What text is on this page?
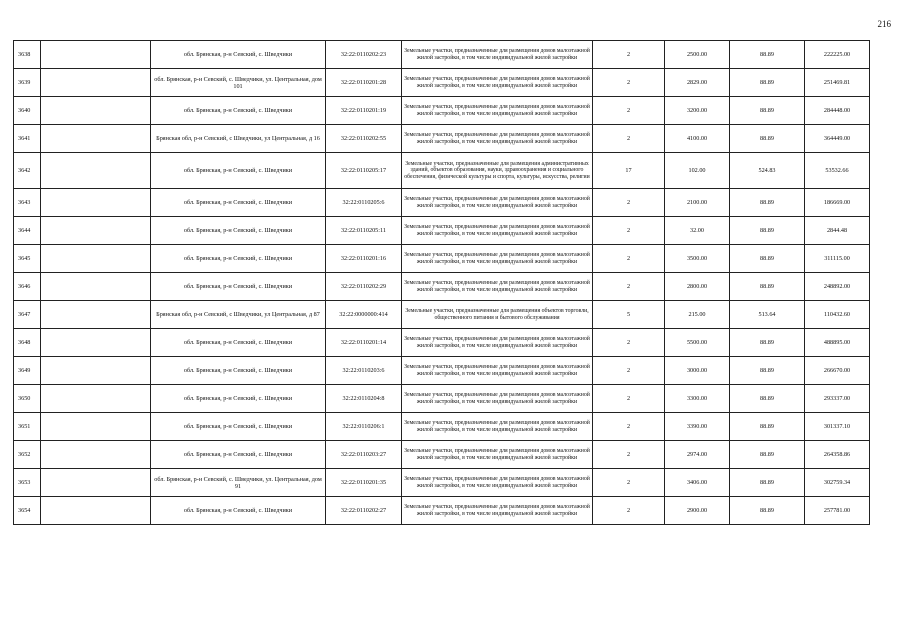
216
3638		обл. Брянская, р-н Севский, с. Шведчики	32:22:0110202:23	Земельные участки, предназначенные для размещения домов малоэтажной жилой застройки, в том числе индивидуальной жилой застройки	2	2500.00	88.89	222225.00
3639		обл. Брянская, р-н Севский, с. Шведчики, ул. Центральная, дом 101	32:22:0110201:28	Земельные участки, предназначенные для размещения домов малоэтажной жилой застройки, в том числе индивидуальной жилой застройки	2	2829.00	88.89	251469.81
3640		обл. Брянская, р-н Севский, с. Шведчики	32:22:0110201:19	Земельные участки, предназначенные для размещения домов малоэтажной жилой застройки, в том числе индивидуальной жилой застройки	2	3200.00	88.89	284448.00
3641		Брянская обл, р-н Севский, с Шведчики, ул Центральная, д 16	32:22:0110202:55	Земельные участки, предназначенные для размещения домов малоэтажной жилой застройки, в том числе индивидуальной жилой застройки	2	4100.00	88.89	364449.00
3642		обл. Брянская, р-н Севский, с. Шведчики	32:22:0110205:17	Земельные участки, предназначенные для размещения административных зданий, объектов образования, науки, здравоохранения и социального обеспечения, физической культуры и спорта, культуры, искусства, религии	17	102.00	524.83	53532.66
3643		обл. Брянская, р-н Севский, с. Шведчики	32:22:0110205:6	Земельные участки, предназначенные для размещения домов малоэтажной жилой застройки, в том числе индивидуальной жилой застройки	2	2100.00	88.89	186669.00
3644		обл. Брянская, р-н Севский, с. Шведчики	32:22:0110205:11	Земельные участки, предназначенные для размещения домов малоэтажной жилой застройки, в том числе индивидуальной жилой застройки	2	32.00	88.89	2844.48
3645		обл. Брянская, р-н Севский, с. Шведчики	32:22:0110201:16	Земельные участки, предназначенные для размещения домов малоэтажной жилой застройки, в том числе индивидуальной жилой застройки	2	3500.00	88.89	311115.00
3646		обл. Брянская, р-н Севский, с. Шведчики	32:22:0110202:29	Земельные участки, предназначенные для размещения домов малоэтажной жилой застройки, в том числе индивидуальной жилой застройки	2	2800.00	88.89	248892.00
3647		Брянская обл, р-н Севский, с Шведчики, ул Центральная, д 87	32:22:0000000:414	Земельные участки, предназначенные для размещения объектов торговли, общественного питания и бытового обслуживания	5	215.00	513.64	110432.60
3648		обл. Брянская, р-н Севский, с. Шведчики	32:22:0110201:14	Земельные участки, предназначенные для размещения домов малоэтажной жилой застройки, в том числе индивидуальной жилой застройки	2	5500.00	88.89	488895.00
3649		обл. Брянская, р-н Севский, с. Шведчики	32:22:0110203:6	Земельные участки, предназначенные для размещения домов малоэтажной жилой застройки, в том числе индивидуальной жилой застройки	2	3000.00	88.89	266670.00
3650		обл. Брянская, р-н Севский, с. Шведчики	32:22:0110204:8	Земельные участки, предназначенные для размещения домов малоэтажной жилой застройки, в том числе индивидуальной жилой застройки	2	3300.00	88.89	293337.00
3651		обл. Брянская, р-н Севский, с. Шведчики	32:22:0110206:1	Земельные участки, предназначенные для размещения домов малоэтажной жилой застройки, в том числе индивидуальной жилой застройки	2	3390.00	88.89	301337.10
3652		обл. Брянская, р-н Севский, с. Шведчики	32:22:0110203:27	Земельные участки, предназначенные для размещения домов малоэтажной жилой застройки, в том числе индивидуальной жилой застройки	2	2974.00	88.89	264358.86
3653		обл. Брянская, р-н Севский, с. Шведчики, ул. Центральная, дом 91	32:22:0110201:35	Земельные участки, предназначенные для размещения домов малоэтажной жилой застройки, в том числе индивидуальной жилой застройки	2	3406.00	88.89	302759.34
3654		обл. Брянская, р-н Севский, с. Шведчики	32:22:0110202:27	Земельные участки, предназначенные для размещения домов малоэтажной жилой застройки, в том числе индивидуальной жилой застройки	2	2900.00	88.89	257781.00
